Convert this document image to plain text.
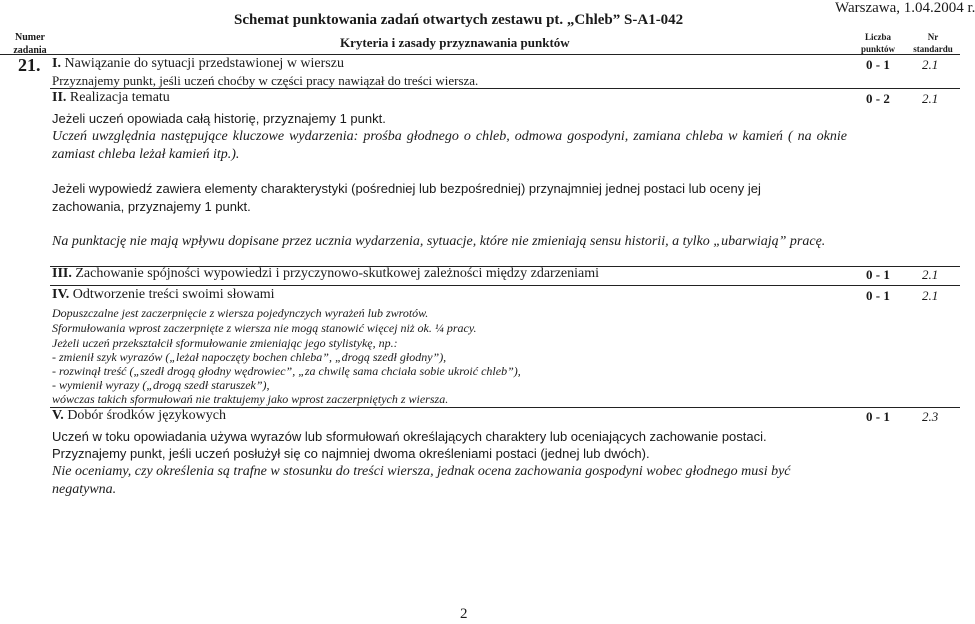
Schemat punktowania zadań otwartych zestawu pt. „Chleb” S-A1-042
Warszawa, 1.04.2004 r.
Kryteria i zasady przyznawania punktów
Numer
zadania
Liczba
punktów
Nr
standardu
21. I. Nawiązanie do sytuacji przedstawionej w wierszu	0 - 1 2.1
Przyznajemy punkt, jeśli uczeń choćby w części pracy nawiązał do treści wiersza.
II. Realizacja tematu	0 - 2 2.1
Jeżeli uczeń opowiada całą historię, przyznajemy 1 punkt.
Uczeń uwzględnia następujące kluczowe wydarzenia: prośba głodnego o chleb, odmowa gospodyni, zamiana chleba w kamień ( na oknie zamiast chleba leżał kamień itp.).
Jeżeli wypowiedź zawiera elementy charakterystyki (pośredniej lub bezpośredniej) przynajmniej jednej postaci lub oceny jej zachowania, przyznajemy 1 punkt.
Na punktację nie mają wpływu dopisane przez ucznia wydarzenia, sytuacje, które nie zmieniają sensu historii, a tylko „ubarwiają” pracę.
III. Zachowanie spójności wypowiedzi i przyczynowo-skutkowej zależności między zdarzeniami	0 - 1 2.1
IV. Odtworzenie treści swoimi słowami	0 - 1 2.1
Dopuszczalne jest zaczerpnięcie z wiersza pojedynczych wyrażeń lub zwrotów.
Sformułowania wprost zaczerpnięte z wiersza nie mogą stanowić więcej niż ok. ¼ pracy.
Jeżeli uczeń przekształcił sformułowanie zmieniając jego stylistykę, np.:
- zmienił szyk wyrazów („leżał napoczęty bochen chleba”, „drogą szedł głodny”),
- rozwinął treść („szedł drogą głodny wędrowiec”, „za chwilę sama chciała sobie ukroić chleb”),
- wymienił wyrazy („drogą szedł staruszek”),
wówczas takich sformułowań nie traktujemy jako wprost zaczerpniętych z wiersza.
V. Dobór środków językowych	0 - 1 2.3
Uczeń w toku opowiadania używa wyrazów lub sformułowań określających charaktery lub oceniających zachowanie postaci.
Przyznajemy punkt, jeśli uczeń posłużył się co najmniej dwoma określeniami postaci (jednej lub dwóch).
Nie oceniamy, czy określenia są trafne w stosunku do treści wiersza, jednak ocena zachowania gospodyni wobec głodnego musi być negatywna.
2
